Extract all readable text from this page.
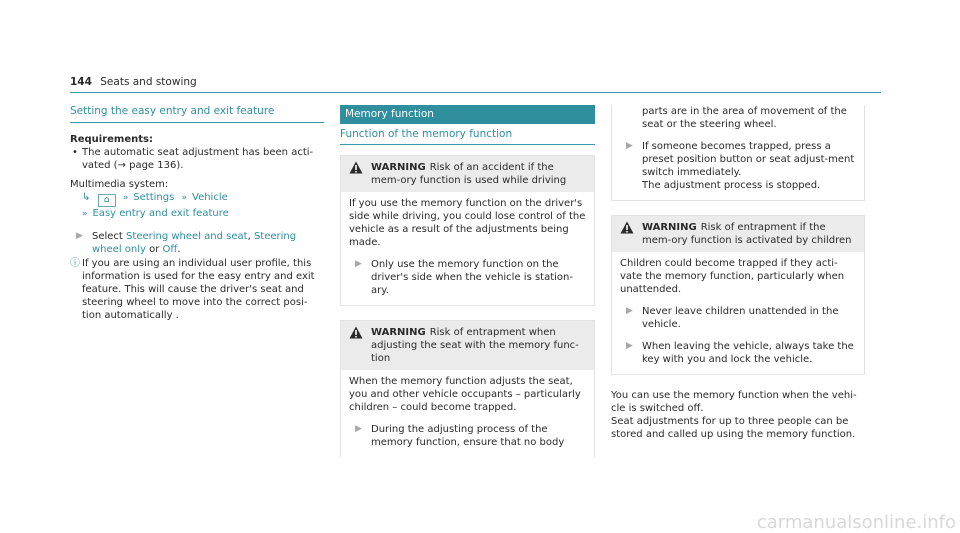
144 Seats and stowing
Setting the easy entry and exit feature

Requirements:

• The automatic seat adjustment has been acti-
vated (→ page 136).

Multimedia system:

↳ ⌂ » Settings » Vehicle
» Easy entry and exit feature
▶ Select Steering wheel and seat, Steering wheel only or Off.
ⓘ If you are using an individual user profile, this information is used for the easy entry and exit feature. This will cause the driver's seat and steering wheel to move into the correct posi-tion automatically .

Memory function
Function of the memory function
WARNING Risk of an accident if the mem-ory function is used while driving

If you use the memory function on the driver's side while driving, you could lose control of the vehicle as a result of the adjustments being made.

▶ Only use the memory function on the driver's side when the vehicle is station-ary.

WARNING Risk of entrapment when adjusting the seat with the memory func-tion

When the memory function adjusts the seat, you and other vehicle occupants – particularly children – could become trapped.

▶ During the adjusting process of the memory function, ensure that no body

parts are in the area of movement of the seat or the steering wheel.

▶ If someone becomes trapped, press a preset position button or seat adjust-ment switch immediately.

The adjustment process is stopped.

WARNING Risk of entrapment if the mem-ory function is activated by children

Children could become trapped if they acti-vate the memory function, particularly when unattended.

▶ Never leave children unattended in the vehicle.

▶ When leaving the vehicle, always take the key with you and lock the vehicle.

You can use the memory function when the vehi-cle is switched off.

Seat adjustments for up to three people can be stored and called up using the memory function.

carmanualsonline.info
